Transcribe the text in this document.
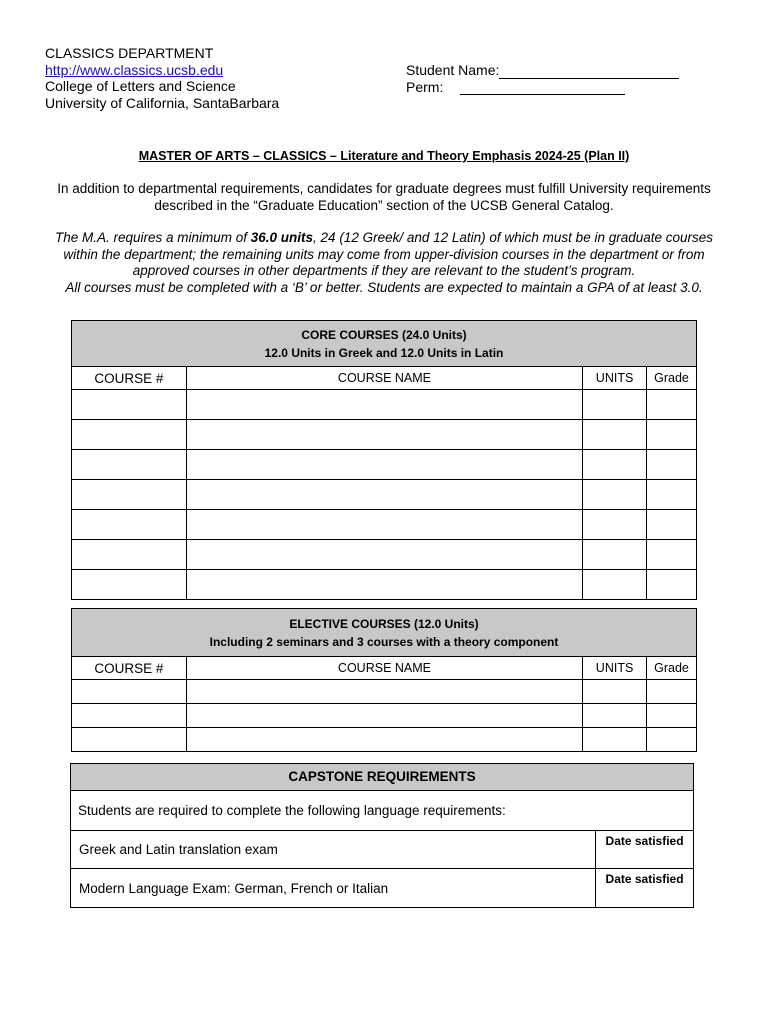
CLASSICS DEPARTMENT
http://www.classics.ucsb.edu
College of Letters and Science
University of California, SantaBarbara
Student Name:
Perm:
MASTER OF ARTS – CLASSICS – Literature and Theory Emphasis 2024-25 (Plan II)
In addition to departmental requirements, candidates for graduate degrees must fulfill University requirements described in the “Graduate Education” section of the UCSB General Catalog.
The M.A. requires a minimum of 36.0 units, 24 (12 Greek/ and 12 Latin) of which must be in graduate courses within the department; the remaining units may come from upper-division courses in the department or from approved courses in other departments if they are relevant to the student’s program.
All courses must be completed with a ‘B’ or better. Students are expected to maintain a GPA of at least 3.0.
CORE COURSES (24.0 Units)
12.0 Units in Greek and 12.0 Units in Latin			

COURSE #	COURSE NAME	UNITS	Grade

ELECTIVE COURSES (12.0 Units)
Including 2 seminars and 3 courses with a theory component			

COURSE #	COURSE NAME	UNITS	Grade

CAPSTONE REQUIREMENTS	
Students are required to complete the following language requirements:	
Greek and Latin translation exam	Date satisfied
Modern Language Exam: German, French or Italian	Date satisfied
